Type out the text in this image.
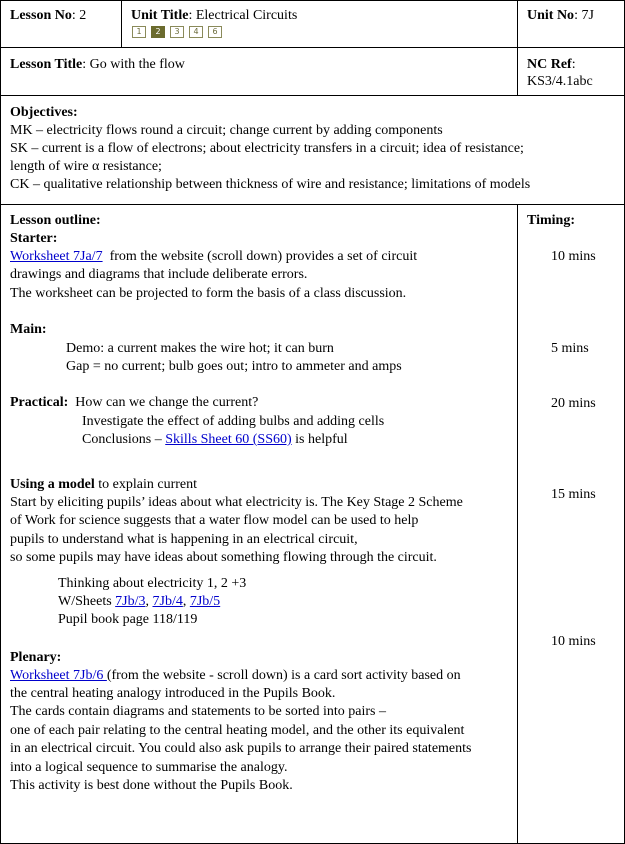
Lesson No: 2	Unit Title: Electrical Circuits
1 2 3 4 6
Unit No: 7J
Lesson Title: Go with the flow	NC Ref:
KS3/4.1abc
Objectives:
MK – electricity flows round a circuit; change current by adding components
SK – current is a flow of electrons; about electricity transfers in a circuit; idea of resistance;
length of wire α resistance;
CK – qualitative relationship between thickness of wire and resistance; limitations of models
Timing:
Lesson outline:
Starter:
Worksheet 7Ja/7  from the website (scroll down) provides a set of circuit
drawings and diagrams that include deliberate errors.
The worksheet can be projected to form the basis of a class discussion.
Main:
Demo: a current makes the wire hot; it can burn
Gap = no current; bulb goes out; intro to ammeter and amps
Practical: How can we change the current?
Investigate the effect of adding bulbs and adding cells
Conclusions – Skills Sheet 60 (SS60) is helpful
Using a model to explain current
Start by eliciting pupils’ ideas about what electricity is. The Key Stage 2 Scheme
of Work for science suggests that a water flow model can be used to help
pupils to understand what is happening in an electrical circuit,
so some pupils may have ideas about something flowing through the circuit.
Thinking about electricity 1, 2 +3
W/Sheets 7Jb/3, 7Jb/4, 7Jb/5
Pupil book page 118/119
Plenary:
Worksheet 7Jb/6 (from the website - scroll down) is a card sort activity based on
the central heating analogy introduced in the Pupils Book.
The cards contain diagrams and statements to be sorted into pairs –
one of each pair relating to the central heating model, and the other its equivalent
in an electrical circuit. You could also ask pupils to arrange their paired statements
into a logical sequence to summarise the analogy.
This activity is best done without the Pupils Book.
10 mins
5 mins
20 mins
15 mins
10 mins
